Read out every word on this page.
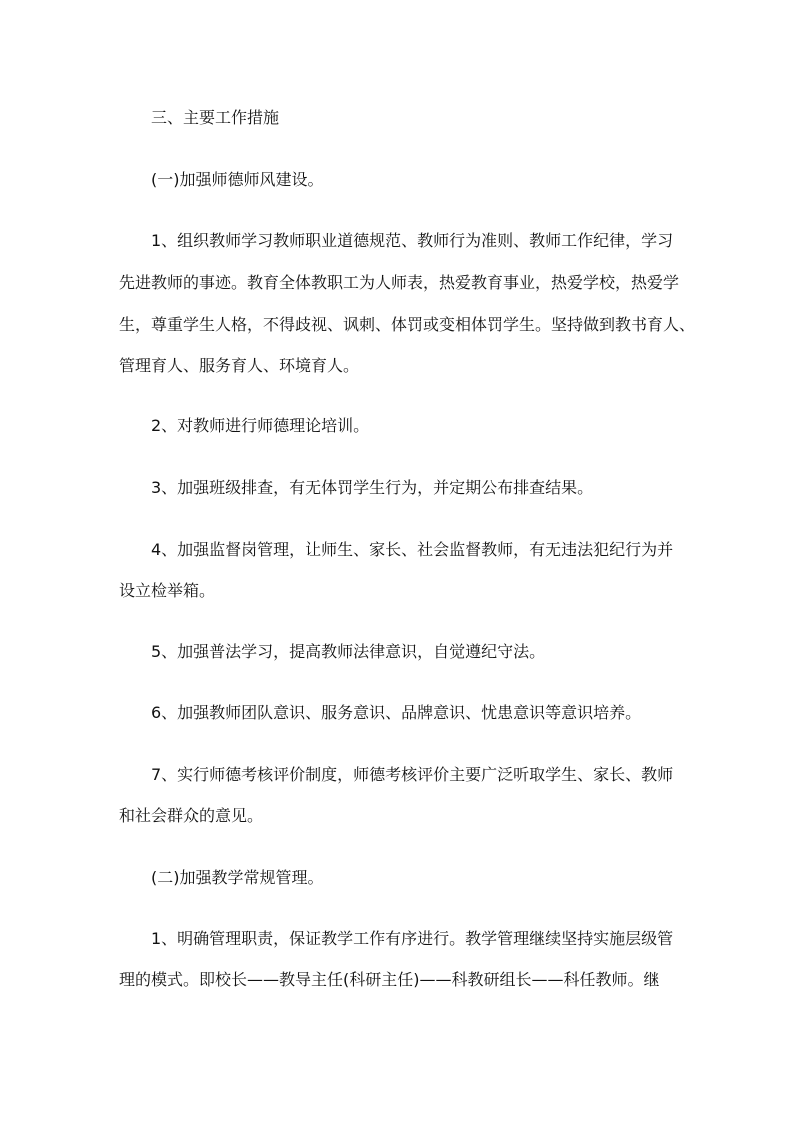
三、主要工作措施
(一)加强师德师风建设。
1、组织教师学习教师职业道德规范、教师行为准则、教师工作纪律，学习
先进教师的事迹。教育全体教职工为人师表，热爱教育事业，热爱学校，热爱学
生，尊重学生人格，不得歧视、讽刺、体罚或变相体罚学生。坚持做到教书育人、
管理育人、服务育人、环境育人。
2、对教师进行师德理论培训。
3、加强班级排查，有无体罚学生行为，并定期公布排查结果。
4、加强监督岗管理，让师生、家长、社会监督教师，有无违法犯纪行为并
设立检举箱。
5、加强普法学习，提高教师法律意识，自觉遵纪守法。
6、加强教师团队意识、服务意识、品牌意识、忧患意识等意识培养。
7、实行师德考核评价制度，师德考核评价主要广泛听取学生、家长、教师
和社会群众的意见。
(二)加强教学常规管理。
1、明确管理职责，保证教学工作有序进行。教学管理继续坚持实施层级管
理的模式。即校长——教导主任(科研主任)——科教研组长——科任教师。继
